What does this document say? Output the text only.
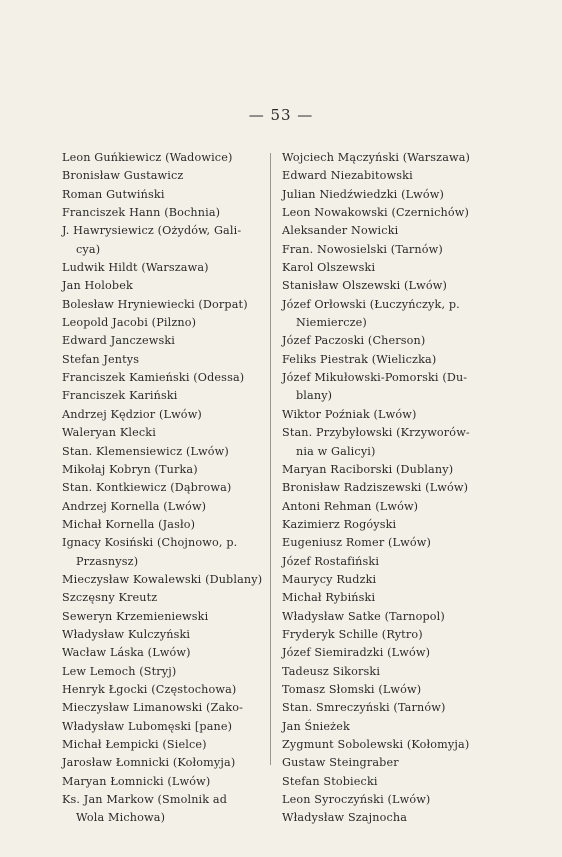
— 53 —
Leon Guńkiewicz (Wadowice)
Bronisław Gustawicz
Roman Gutwiński
Franciszek Hann (Bochnia)
J. Hawrysiewicz (Ożydów, Gali-
cya)
Ludwik Hildt (Warszawa)
Jan Holobek
Bolesław Hryniewiecki (Dorpat)
Leopold Jacobi (Pilzno)
Edward Janczewski
Stefan Jentys
Franciszek Kamieński (Odessa)
Franciszek Kariński
Andrzej Kędzior (Lwów)
Waleryan Klecki
Stan. Klemensiewicz (Lwów)
Mikołaj Kobryn (Turka)
Stan. Kontkiewicz (Dąbrowa)
Andrzej Kornella (Lwów)
Michał Kornella (Jasło)
Ignacy Kosiński (Chojnowo, p.
Przasnysz)
Mieczysław Kowalewski (Dublany)
Szczęsny Kreutz
Seweryn Krzemieniewski
Władysław Kulczyński
Wacław Láska (Lwów)
Lew Lemoch (Stryj)
Henryk Łgocki (Częstochowa)
Mieczysław Limanowski (Zako-
Władysław Lubomęski [pane)
Michał Łempicki (Sielce)
Jarosław Łomnicki (Kołomyja)
Maryan Łomnicki (Lwów)
Ks. Jan Markow (Smolnik ad
Wola Michowa)
Wojciech Mączyński (Warszawa)
Edward Niezabitowski
Julian Niedźwiedzki (Lwów)
Leon Nowakowski (Czernichów)
Aleksander Nowicki
Fran. Nowosielski (Tarnów)
Karol Olszewski
Stanisław Olszewski (Lwów)
Józef Orłowski (Łuczyńczyk, p.
Niemiercze)
Józef Paczoski (Cherson)
Feliks Piestrak (Wieliczka)
Józef Mikułowski-Pomorski (Du-
blany)
Wiktor Poźniak (Lwów)
Stan. Przybyłowski (Krzyworów-
nia w Galicyi)
Maryan Raciborski (Dublany)
Bronisław Radziszewski (Lwów)
Antoni Rehman (Lwów)
Kazimierz Rogóyski
Eugeniusz Romer (Lwów)
Józef Rostafiński
Maurycy Rudzki
Michał Rybiński
Władysław Satke (Tarnopol)
Fryderyk Schille (Rytro)
Józef Siemiradzki (Lwów)
Tadeusz Sikorski
Tomasz Słomski (Lwów)
Stan. Smreczyński (Tarnów)
Jan Śnieżek
Zygmunt Sobolewski (Kołomyja)
Gustaw Steingraber
Stefan Stobiecki
Leon Syroczyński (Lwów)
Władysław Szajnocha
